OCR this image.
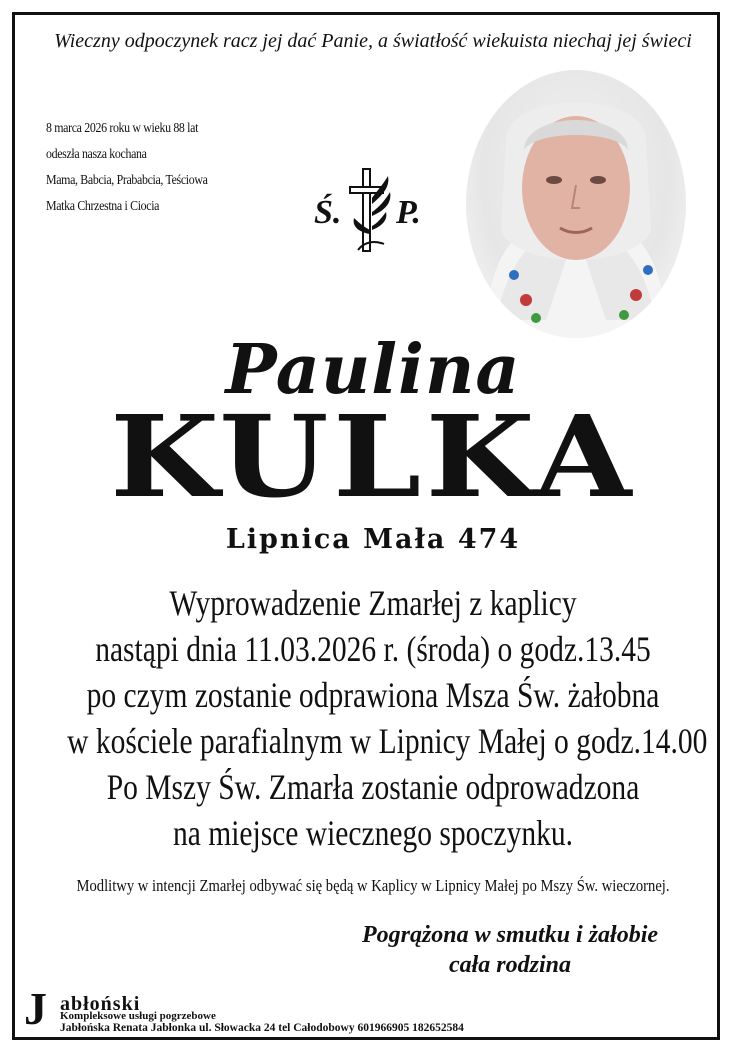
Wieczny odpoczynek racz jej dać Panie, a światłość wiekuista niechaj jej świeci
8 marca 2026 roku w wieku 88 lat
odeszła nasza kochana
Mama, Babcia, Prababcia, Teściowa
Matka Chrzestna i Ciocia	Ś. P.
Paulina
KULKA
Lipnica Mała 474
Wyprowadzenie Zmarłej z kaplicy
nastąpi dnia 11.03.2026 r. (środa) o godz.13.45
po czym zostanie odprawiona Msza Św. żałobna
w kościele parafialnym w Lipnicy Małej o godz.14.00
Po Mszy Św. Zmarła zostanie odprowadzona
na miejsce wiecznego spoczynku.
Modlitwy w intencji Zmarłej odbywać się będą w Kaplicy w Lipnicy Małej po Mszy Św. wieczornej.
Pogrążona w smutku i żałobie
cała rodzina
J abłoński
Kompleksowe usługi pogrzebowe
Jabłońska Renata Jabłonka ul. Słowacka 24 tel Całodobowy 601966905 182652584
